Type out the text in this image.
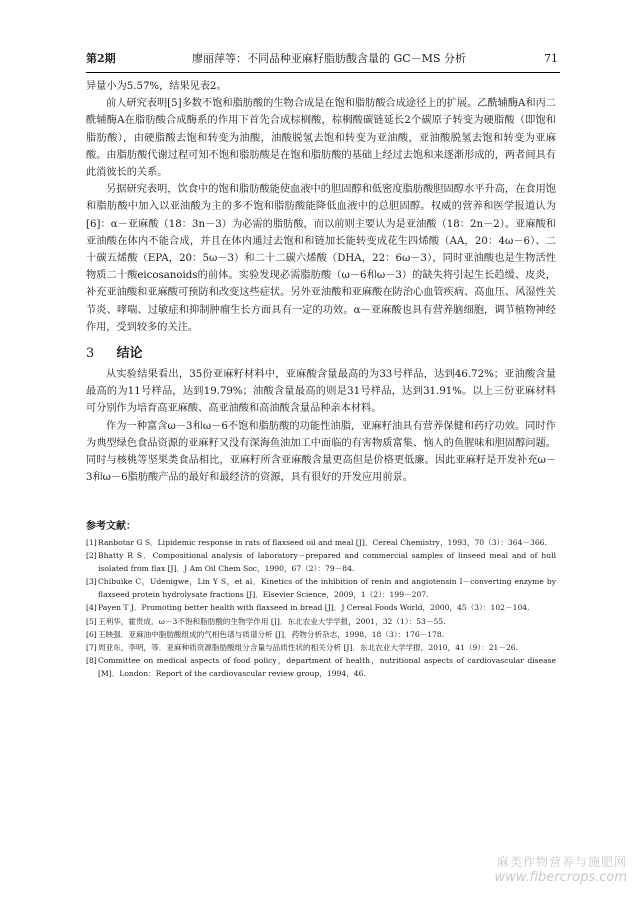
第2期	廖丽萍等：不同品种亚麻籽脂肪酸含量的 GC－MS 分析	71

异量小为5.57%，结果见表2。

前人研究表明[5]多数不饱和脂肪酸的生物合成是在饱和脂肪酸合成途径上的扩展。乙酰辅酶A和丙二酰辅酶A在脂肪酸合成酶系的作用下首先合成棕榈酸，棕榈酸碳链延长2个碳原子转变为硬脂酸（即饱和脂肪酸），由硬脂酸去饱和转变为油酸，油酸脱氢去饱和转变为亚油酸，亚油酸脱氢去饱和转变为亚麻酸。由脂肪酸代谢过程可知不饱和脂肪酸是在饱和脂肪酸的基础上经过去饱和来逐渐形成的，两者间具有此消彼长的关系。

另据研究表明，饮食中的饱和脂肪酸能使血液中的胆固醇和低密度脂肪酸胆固醇水平升高，在食用饱和脂肪酸中加入以亚油酸为主的多不饱和脂肪酸能降低血液中的总胆固醇。权威的营养和医学报道认为[6]：α－亚麻酸（18：3n－3）为必需的脂肪酸，而以前则主要认为是亚油酸（18：2n－2）。亚麻酸和亚油酸在体内不能合成，并且在体内通过去饱和和链加长能转变成花生四烯酸（AA，20：4ω－6）、二十碳五烯酸（EPA，20：5ω－3）和二十二碳六烯酸（DHA，22：6ω－3），同时亚油酸也是生物活性物质二十酸eicosanoids的前体。实验发现必需脂肪酸（ω－6和ω－3）的缺失将引起生长趋缓、皮炎，补充亚油酸和亚麻酸可预防和改变这些症状。另外亚油酸和亚麻酸在防治心血管疾病、高血压、风湿性关节炎、哮喘、过敏症和抑制肿瘤生长方面具有一定的功效。α－亚麻酸也具有营养脑细胞，调节植物神经作用，受到较多的关注。

3 结论

从实验结果看出，35份亚麻籽材料中，亚麻酸含量最高的为33号样品，达到46.72%；亚油酸含量最高的为11号样品，达到19.79%；油酸含量最高的则是31号样品，达到31.91%。以上三份亚麻材料可分别作为培育高亚麻酸、高亚油酸和高油酸含量品种亲本材料。

作为一种富含ω－3和ω－6不饱和脂肪酸的功能性油脂，亚麻籽油具有营养保健和药疗功效。同时作为典型绿色食品资源的亚麻籽又没有深海鱼油加工中面临的有害物质富集、恼人的鱼腥味和胆固醇问题。同时与核桃等坚果类食品相比，亚麻籽所含亚麻酸含量更高但是价格更低廉。因此亚麻籽是开发补充ω－3和ω－6脂肪酸产品的最好和最经济的资源，具有很好的开发应用前景。

参考文献：

[1]Ranbotar G S．Lipidemic response in rats of flaxseed oil and meal [J]．Cereal Chemistry，1993，70（3）：364－366.

[2]Bhatty R S．Compositional analysis of laboratory－prepared and commercial samples of linseed meal and of hull isolated from flax [J]．J Am Oil Chem Soc，1990，67（2）：79－84.

[3]Chibuike C，Udenigwe，Lin Y S，et al．Kinetics of the inhibition of renin and angiotensin I－converting enzyme by flaxseed protein hydrolysate fractions [J]．Elsevier Science，2009，1（2）：199－207.

[4]Payen T J．Promoting better health with flaxseed in bread [J]．J Cereal Foods World，2000，45（3）：102－104.

[5]王利华，霍贵成．ω－3不饱和脂肪酸的生物学作用 [J]．东北农业大学学报，2001，32（1）：53－55.

[6]王映强．亚麻油中脂肪酸组成的气相色谱与质谱分析 [J]．药物分析杂志，1998，18（3）：176－178.

[7]周亚东，李明，等．亚麻种质资源脂肪酸组分含量与品质性状的相关分析 [J]．东北农业大学学报，2010，41（9）：21－26.

[8]Committee on medical aspects of food policy，department of health，nutritional aspects of cardiovascular disease [M]．London：Report of the cardiovascular review group，1994，46.

麻类作物营养与施肥网
www.fibercrops.com
